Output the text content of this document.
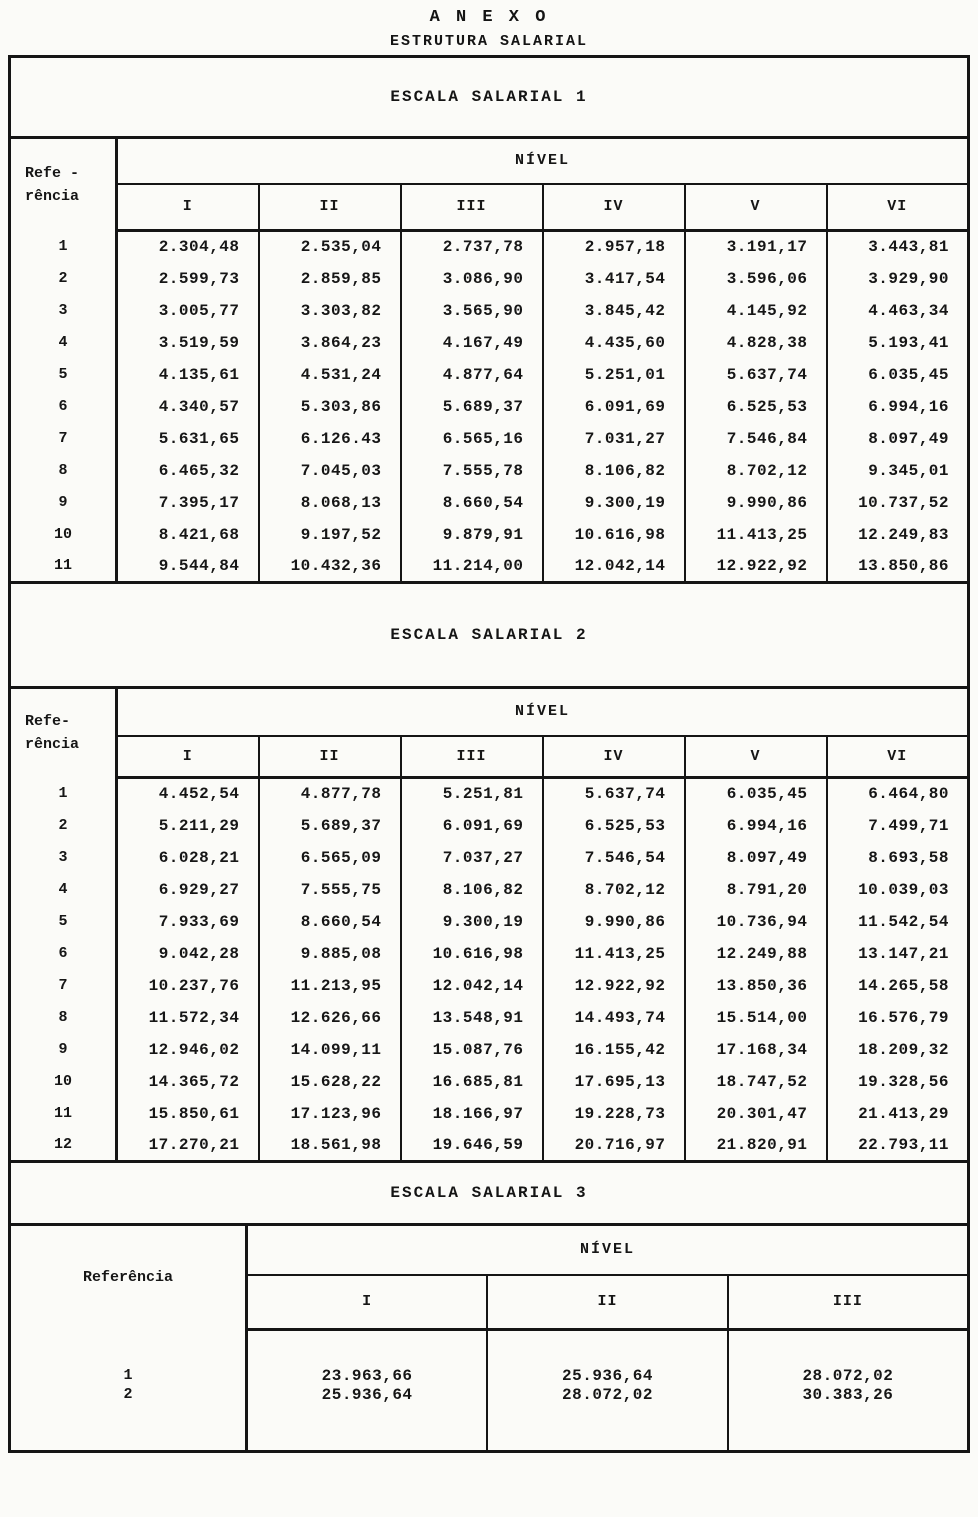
A N E X O
ESTRUTURA SALARIAL
ESCALA SALARIAL 1
Refe -
rência	NÍVEL					
	I	II	III	IV	V	VI
1	2.304,48	2.535,04	2.737,78	2.957,18	3.191,17	3.443,81
2	2.599,73	2.859,85	3.086,90	3.417,54	3.596,06	3.929,90
3	3.005,77	3.303,82	3.565,90	3.845,42	4.145,92	4.463,34
4	3.519,59	3.864,23	4.167,49	4.435,60	4.828,38	5.193,41
5	4.135,61	4.531,24	4.877,64	5.251,01	5.637,74	6.035,45
6	4.340,57	5.303,86	5.689,37	6.091,69	6.525,53	6.994,16
7	5.631,65	6.126.43	6.565,16	7.031,27	7.546,84	8.097,49
8	6.465,32	7.045,03	7.555,78	8.106,82	8.702,12	9.345,01
9	7.395,17	8.068,13	8.660,54	9.300,19	9.990,86	10.737,52
10	8.421,68	9.197,52	9.879,91	10.616,98	11.413,25	12.249,83
11	9.544,84	10.432,36	11.214,00	12.042,14	12.922,92	13.850,86
ESCALA SALARIAL 2
Refe-
rência	NÍVEL					
	I	II	III	IV	V	VI
1	4.452,54	4.877,78	5.251,81	5.637,74	6.035,45	6.464,80
2	5.211,29	5.689,37	6.091,69	6.525,53	6.994,16	7.499,71
3	6.028,21	6.565,09	7.037,27	7.546,54	8.097,49	8.693,58
4	6.929,27	7.555,75	8.106,82	8.702,12	8.791,20	10.039,03
5	7.933,69	8.660,54	9.300,19	9.990,86	10.736,94	11.542,54
6	9.042,28	9.885,08	10.616,98	11.413,25	12.249,88	13.147,21
7	10.237,76	11.213,95	12.042,14	12.922,92	13.850,36	14.265,58
8	11.572,34	12.626,66	13.548,91	14.493,74	15.514,00	16.576,79
9	12.946,02	14.099,11	15.087,76	16.155,42	17.168,34	18.209,32
10	14.365,72	15.628,22	16.685,81	17.695,13	18.747,52	19.328,56
11	15.850,61	17.123,96	18.166,97	19.228,73	20.301,47	21.413,29
12	17.270,21	18.561,98	19.646,59	20.716,97	21.820,91	22.793,11
ESCALA SALARIAL 3
Referência	NÍVEL		
	I	II	III
1	23.963,66	25.936,64	28.072,02
2	25.936,64	28.072,02	30.383,26
